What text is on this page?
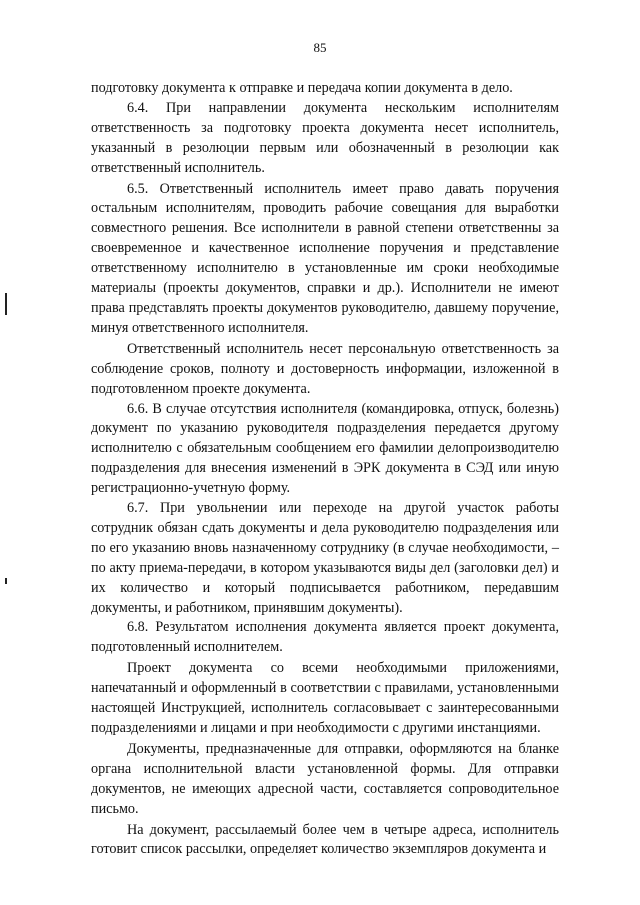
85

подготовку документа к отправке и передача копии документа в дело.

6.4. При направлении документа нескольким исполнителям ответственность за подготовку проекта документа несет исполнитель, указанный в резолюции первым или обозначенный в резолюции как ответственный исполнитель.

6.5. Ответственный исполнитель имеет право давать поручения остальным исполнителям, проводить рабочие совещания для выработки совместного решения. Все исполнители в равной степени ответственны за своевременное и качественное исполнение поручения и представление ответственному исполнителю в установленные им сроки необходимые материалы (проекты документов, справки и др.). Исполнители не имеют права представлять проекты документов руководителю, давшему поручение, минуя ответственного исполнителя.

Ответственный исполнитель несет персональную ответственность за соблюдение сроков, полноту и достоверность информации, изложенной в подготовленном проекте документа.

6.6. В случае отсутствия исполнителя (командировка, отпуск, болезнь) документ по указанию руководителя подразделения передается другому исполнителю с обязательным сообщением его фамилии делопроизводителю подразделения для внесения изменений в ЭРК документа в СЭД или иную регистрационно-учетную форму.

6.7. При увольнении или переходе на другой участок работы сотрудник обязан сдать документы и дела руководителю подразделения или по его указанию вновь назначенному сотруднику (в случае необходимости, – по акту приема-передачи, в котором указываются виды дел (заголовки дел) и их количество и который подписывается работником, передавшим документы, и работником, принявшим документы).

6.8. Результатом исполнения документа является проект документа, подготовленный исполнителем.

Проект документа со всеми необходимыми приложениями, напечатанный и оформленный в соответствии с правилами, установленными настоящей Инструкцией, исполнитель согласовывает с заинтересованными подразделениями и лицами и при необходимости с другими инстанциями.

Документы, предназначенные для отправки, оформляются на бланке органа исполнительной власти установленной формы. Для отправки документов, не имеющих адресной части, составляется сопроводительное письмо.

На документ, рассылаемый более чем в четыре адреса, исполнитель готовит список рассылки, определяет количество экземпляров документа и
